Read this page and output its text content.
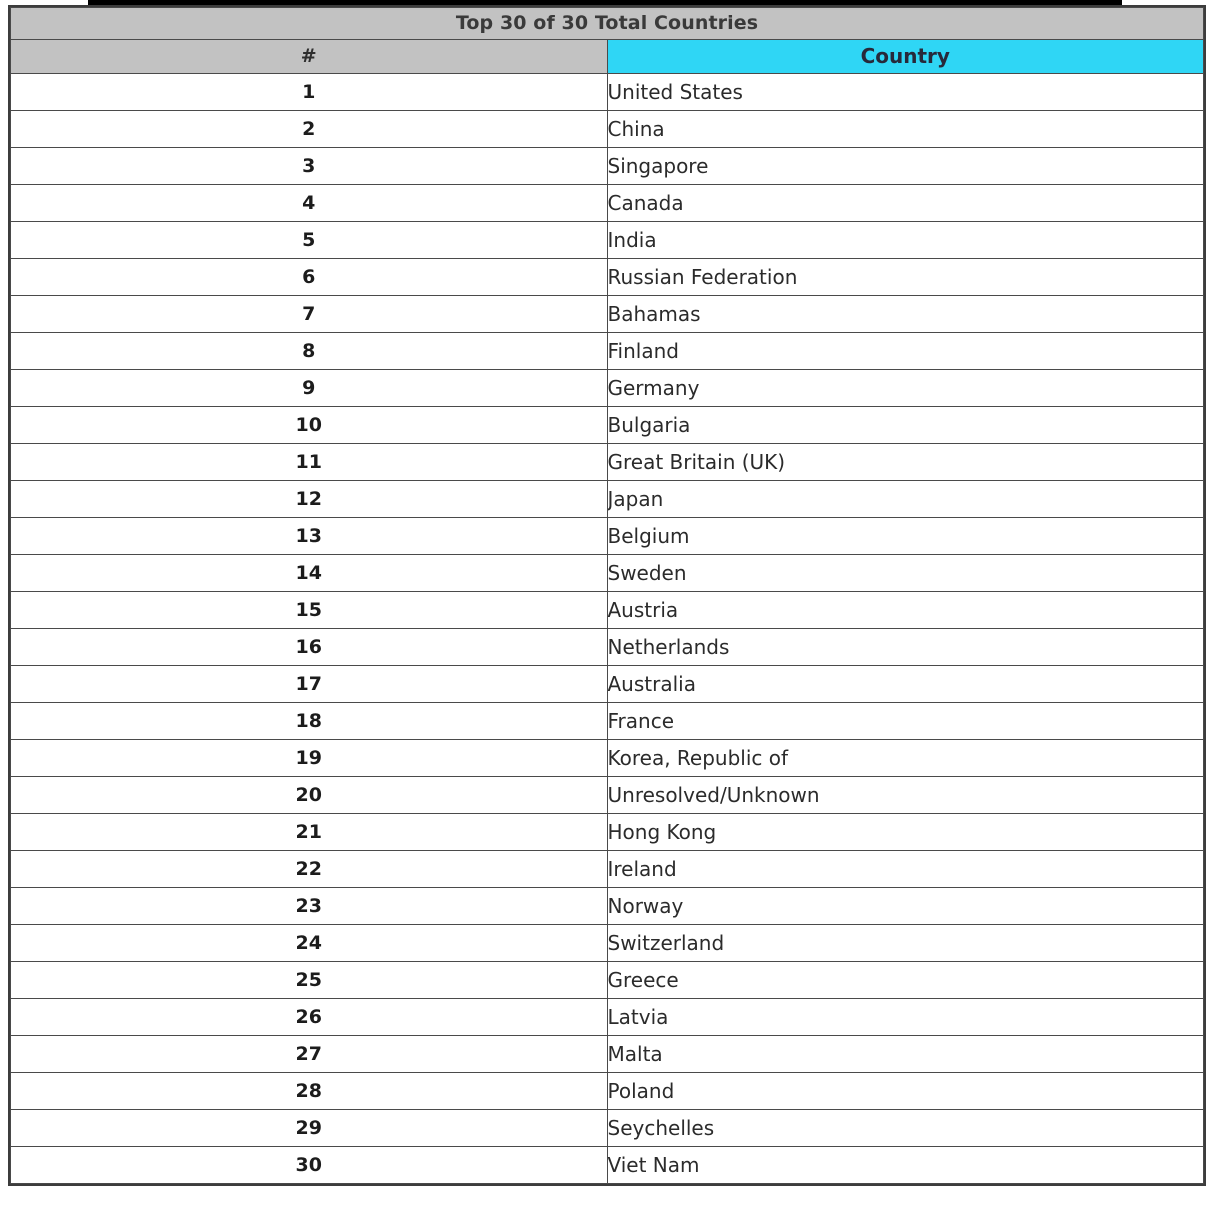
Top 30 of 30 Total Countries	
#	Country
1	United States
2	China
3	Singapore
4	Canada
5	India
6	Russian Federation
7	Bahamas
8	Finland
9	Germany
10	Bulgaria
11	Great Britain (UK)
12	Japan
13	Belgium
14	Sweden
15	Austria
16	Netherlands
17	Australia
18	France
19	Korea, Republic of
20	Unresolved/Unknown
21	Hong Kong
22	Ireland
23	Norway
24	Switzerland
25	Greece
26	Latvia
27	Malta
28	Poland
29	Seychelles
30	Viet Nam
